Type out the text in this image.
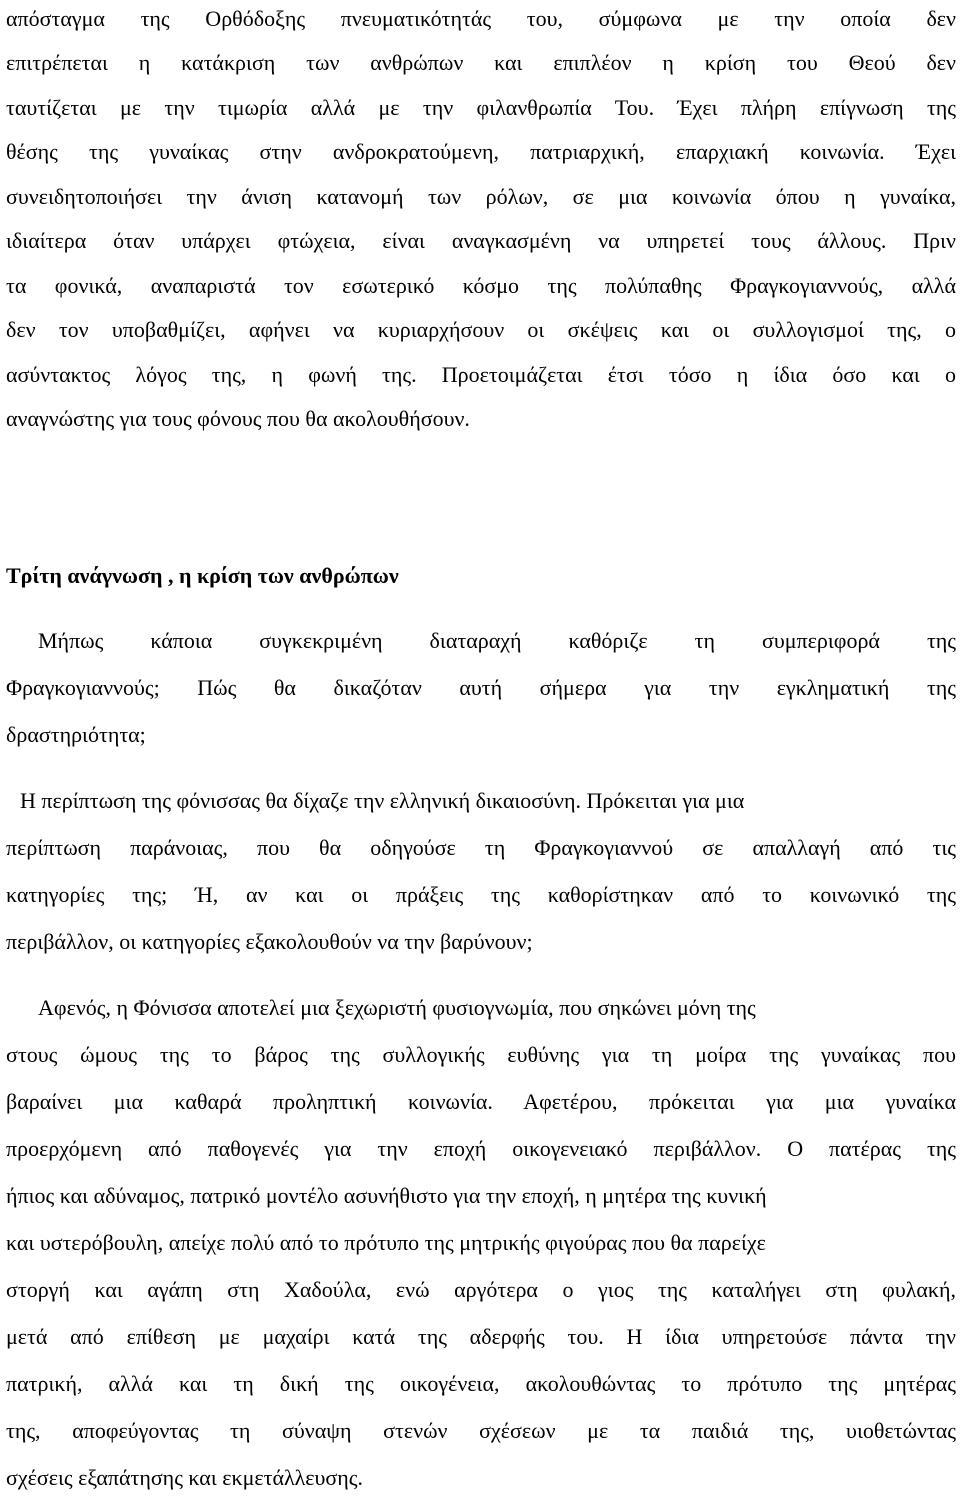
απόσταγμα της Ορθόδοξης πνευματικότητάς του, σύμφωνα με την οποία δεν

επιτρέπεται η κατάκριση των ανθρώπων και επιπλέον η κρίση του Θεού δεν

ταυτίζεται με την τιμωρία αλλά με την φιλανθρωπία Του. Έχει πλήρη επίγνωση της

θέσης της γυναίκας στην ανδροκρατούμενη, πατριαρχική, επαρχιακή κοινωνία. Έχει

συνειδητοποιήσει την άνιση κατανομή των ρόλων, σε μια κοινωνία όπου η γυναίκα,

ιδιαίτερα όταν υπάρχει φτώχεια, είναι αναγκασμένη να υπηρετεί τους άλλους. Πριν

τα φονικά, αναπαριστά τον εσωτερικό κόσμο της πολύπαθης Φραγκογιαννούς, αλλά

δεν τον υποβαθμίζει, αφήνει να κυριαρχήσουν οι σκέψεις και οι συλλογισμοί της, ο

ασύντακτος λόγος της, η φωνή της. Προετοιμάζεται έτσι τόσο η ίδια όσο και ο

αναγνώστης για τους φόνους που θα ακολουθήσουν.

Τρίτη ανάγνωση , η κρίση των ανθρώπων

Μήπως κάποια συγκεκριμένη διαταραχή καθόριζε τη συμπεριφορά της

Φραγκογιαννούς; Πώς θα δικαζόταν αυτή σήμερα για την εγκληματική της

δραστηριότητα;

Η περίπτωση της φόνισσας θα δίχαζε την ελληνική δικαιοσύνη. Πρόκειται για μια

περίπτωση παράνοιας, που θα οδηγούσε τη Φραγκογιαννού σε απαλλαγή από τις

κατηγορίες της; Ή, αν και οι πράξεις της καθορίστηκαν από το κοινωνικό της

περιβάλλον, οι κατηγορίες εξακολουθούν να την βαρύνουν;

Αφενός, η Φόνισσα αποτελεί μια ξεχωριστή φυσιογνωμία, που σηκώνει μόνη της

στους ώμους της το βάρος της συλλογικής ευθύνης για τη μοίρα της γυναίκας που

βαραίνει μια καθαρά προληπτική κοινωνία. Αφετέρου, πρόκειται για μια γυναίκα

προερχόμενη από παθογενές για την εποχή οικογενειακό περιβάλλον. Ο πατέρας της

ήπιος και αδύναμος, πατρικό μοντέλο ασυνήθιστο για την εποχή, η μητέρα της κυνική

και υστερόβουλη, απείχε πολύ από το πρότυπο της μητρικής φιγούρας που θα παρείχε

στοργή και αγάπη στη Χαδούλα, ενώ αργότερα ο γιος της καταλήγει στη φυλακή,

μετά από επίθεση με μαχαίρι κατά της αδερφής του. Η ίδια υπηρετούσε πάντα την

πατρική, αλλά και τη δική της οικογένεια, ακολουθώντας το πρότυπο της μητέρας

της, αποφεύγοντας τη σύναψη στενών σχέσεων με τα παιδιά της, υιοθετώντας

σχέσεις εξαπάτησης και εκμετάλλευσης.
